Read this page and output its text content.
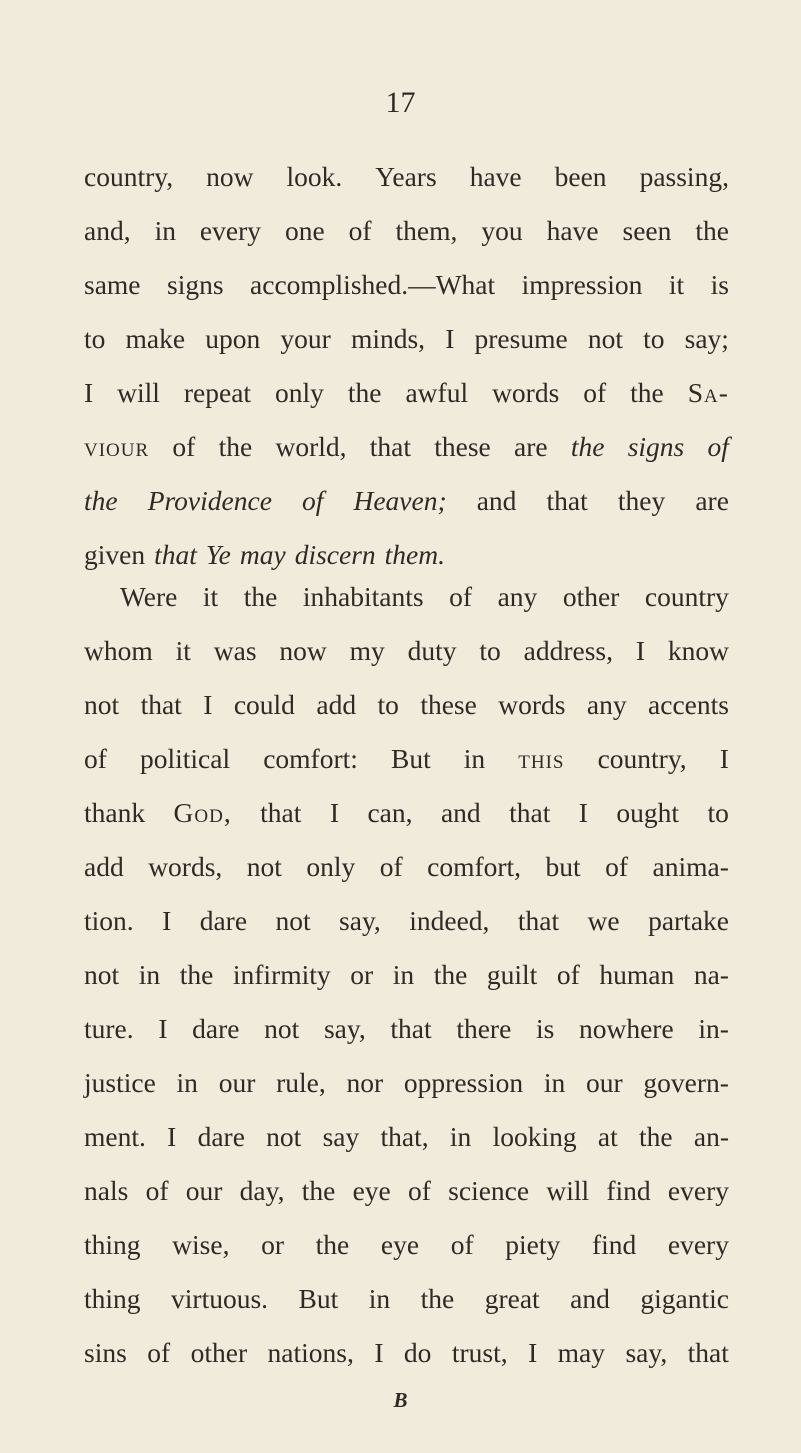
17
country, now look. Years have been passing,
and, in every one of them, you have seen the
same signs accomplished.—What impression it is
to make upon your minds, I presume not to say;
I will repeat only the awful words of the Sa-
viour of the world, that these are the signs of
the Providence of Heaven; and that they are
given that Ye may discern them.
Were it the inhabitants of any other country
whom it was now my duty to address, I know
not that I could add to these words any accents
of political comfort: But in this country, I
thank God, that I can, and that I ought to
add words, not only of comfort, but of anima-
tion. I dare not say, indeed, that we partake
not in the infirmity or in the guilt of human na-
ture. I dare not say, that there is nowhere in-
justice in our rule, nor oppression in our govern-
ment. I dare not say that, in looking at the an-
nals of our day, the eye of science will find every
thing wise, or the eye of piety find every
thing virtuous. But in the great and gigantic
sins of other nations, I do trust, I may say, that
B
